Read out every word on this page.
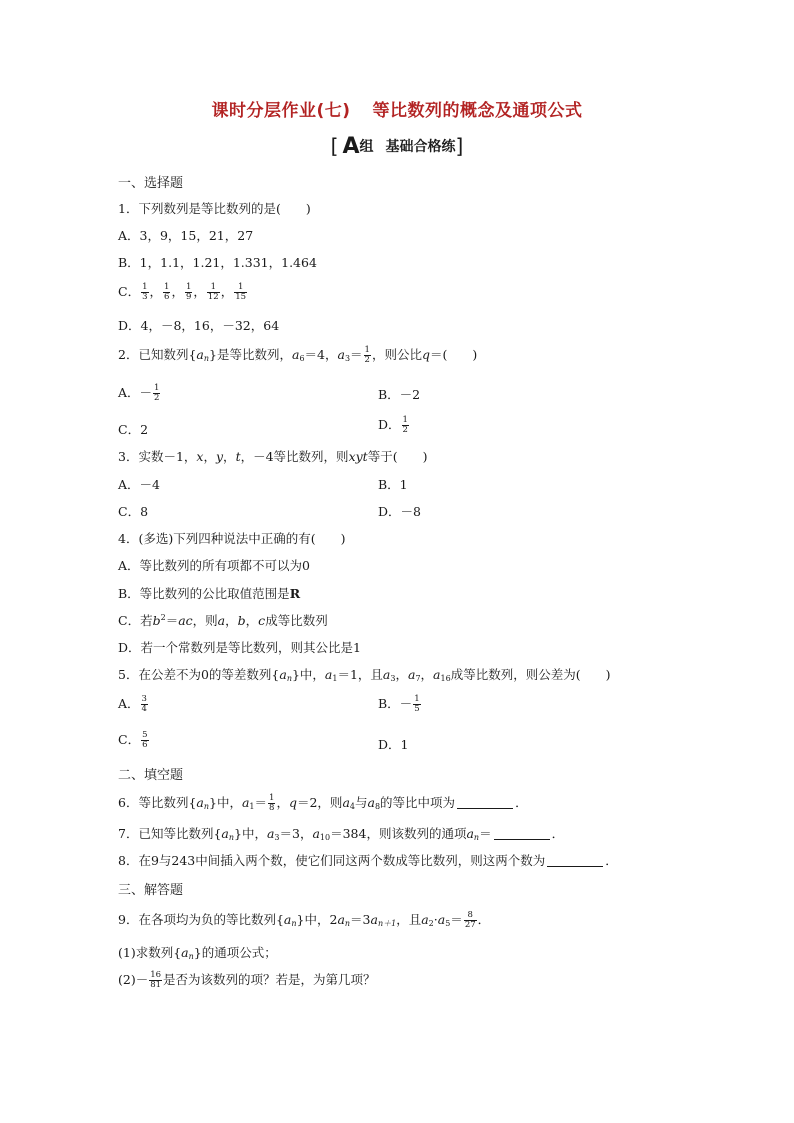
课时分层作业(七) 等比数列的概念及通项公式
[ A组 基础合格练]
一、选择题
1．下列数列是等比数列的是(　　)
A．3，9，15，21，27
B．1，1.1，1.21，1.331，1.464
C． $\frac{1}{3}$ ， $\frac{1}{6}$ ， $\frac{1}{9}$ ， $\frac{1}{12}$ ， $\frac{1}{15}$
D．4，－8，16，－32，64
2．已知数列$\{a_n\}$是等比数列，$a_6=4$，$a_3= \frac{1}{2}$ ，则公比q＝(　　)
A．－ $\frac{1}{2}$	B．－2
C．2	D． $\frac{1}{2}$
3．实数－1，x，y，t，－4等比数列，则xyt等于(　　)
A．－4	B．1
C．8	D．－8
4．(多选)下列四种说法中正确的有(　　)
A．等比数列的所有项都不可以为0
B．等比数列的公比取值范围是R
C．若$b^2=ac$，则a，b，c成等比数列
D．若一个常数列是等比数列，则其公比是1
5．在公差不为0的等差数列$\{a_n\}$中，$a_1=1$，且$a_3$，$a_7$，$a_{16}$成等比数列，则公差为(　　)
A． $\frac{3}{4}$	B．－ $\frac{1}{5}$
C． $\frac{5}{6}$	D．1
二、填空题
6．等比数列$\{a_n\}$中，$a_1= \frac{1}{8}$ ，q＝2，则$a_4$与$a_8$的等比中项为	．
7．已知等比数列$\{a_n\}$中，$a_3=3$，$a_{10}=384$，则该数列的通项$a_n=$	．
8．在9与243中间插入两个数，使它们同这两个数成等比数列，则这两个数为	．
三、解答题
9．在各项均为负的等比数列$\{a_n\}$中，$2a_n=3a_{n+1}$，且$a_2\cdot a_5= \frac{8}{27}$ ．
(1)求数列$\{a_n\}$的通项公式；
$(2)- \frac{16}{81}$ 是否为该数列的项？若是，为第几项？
